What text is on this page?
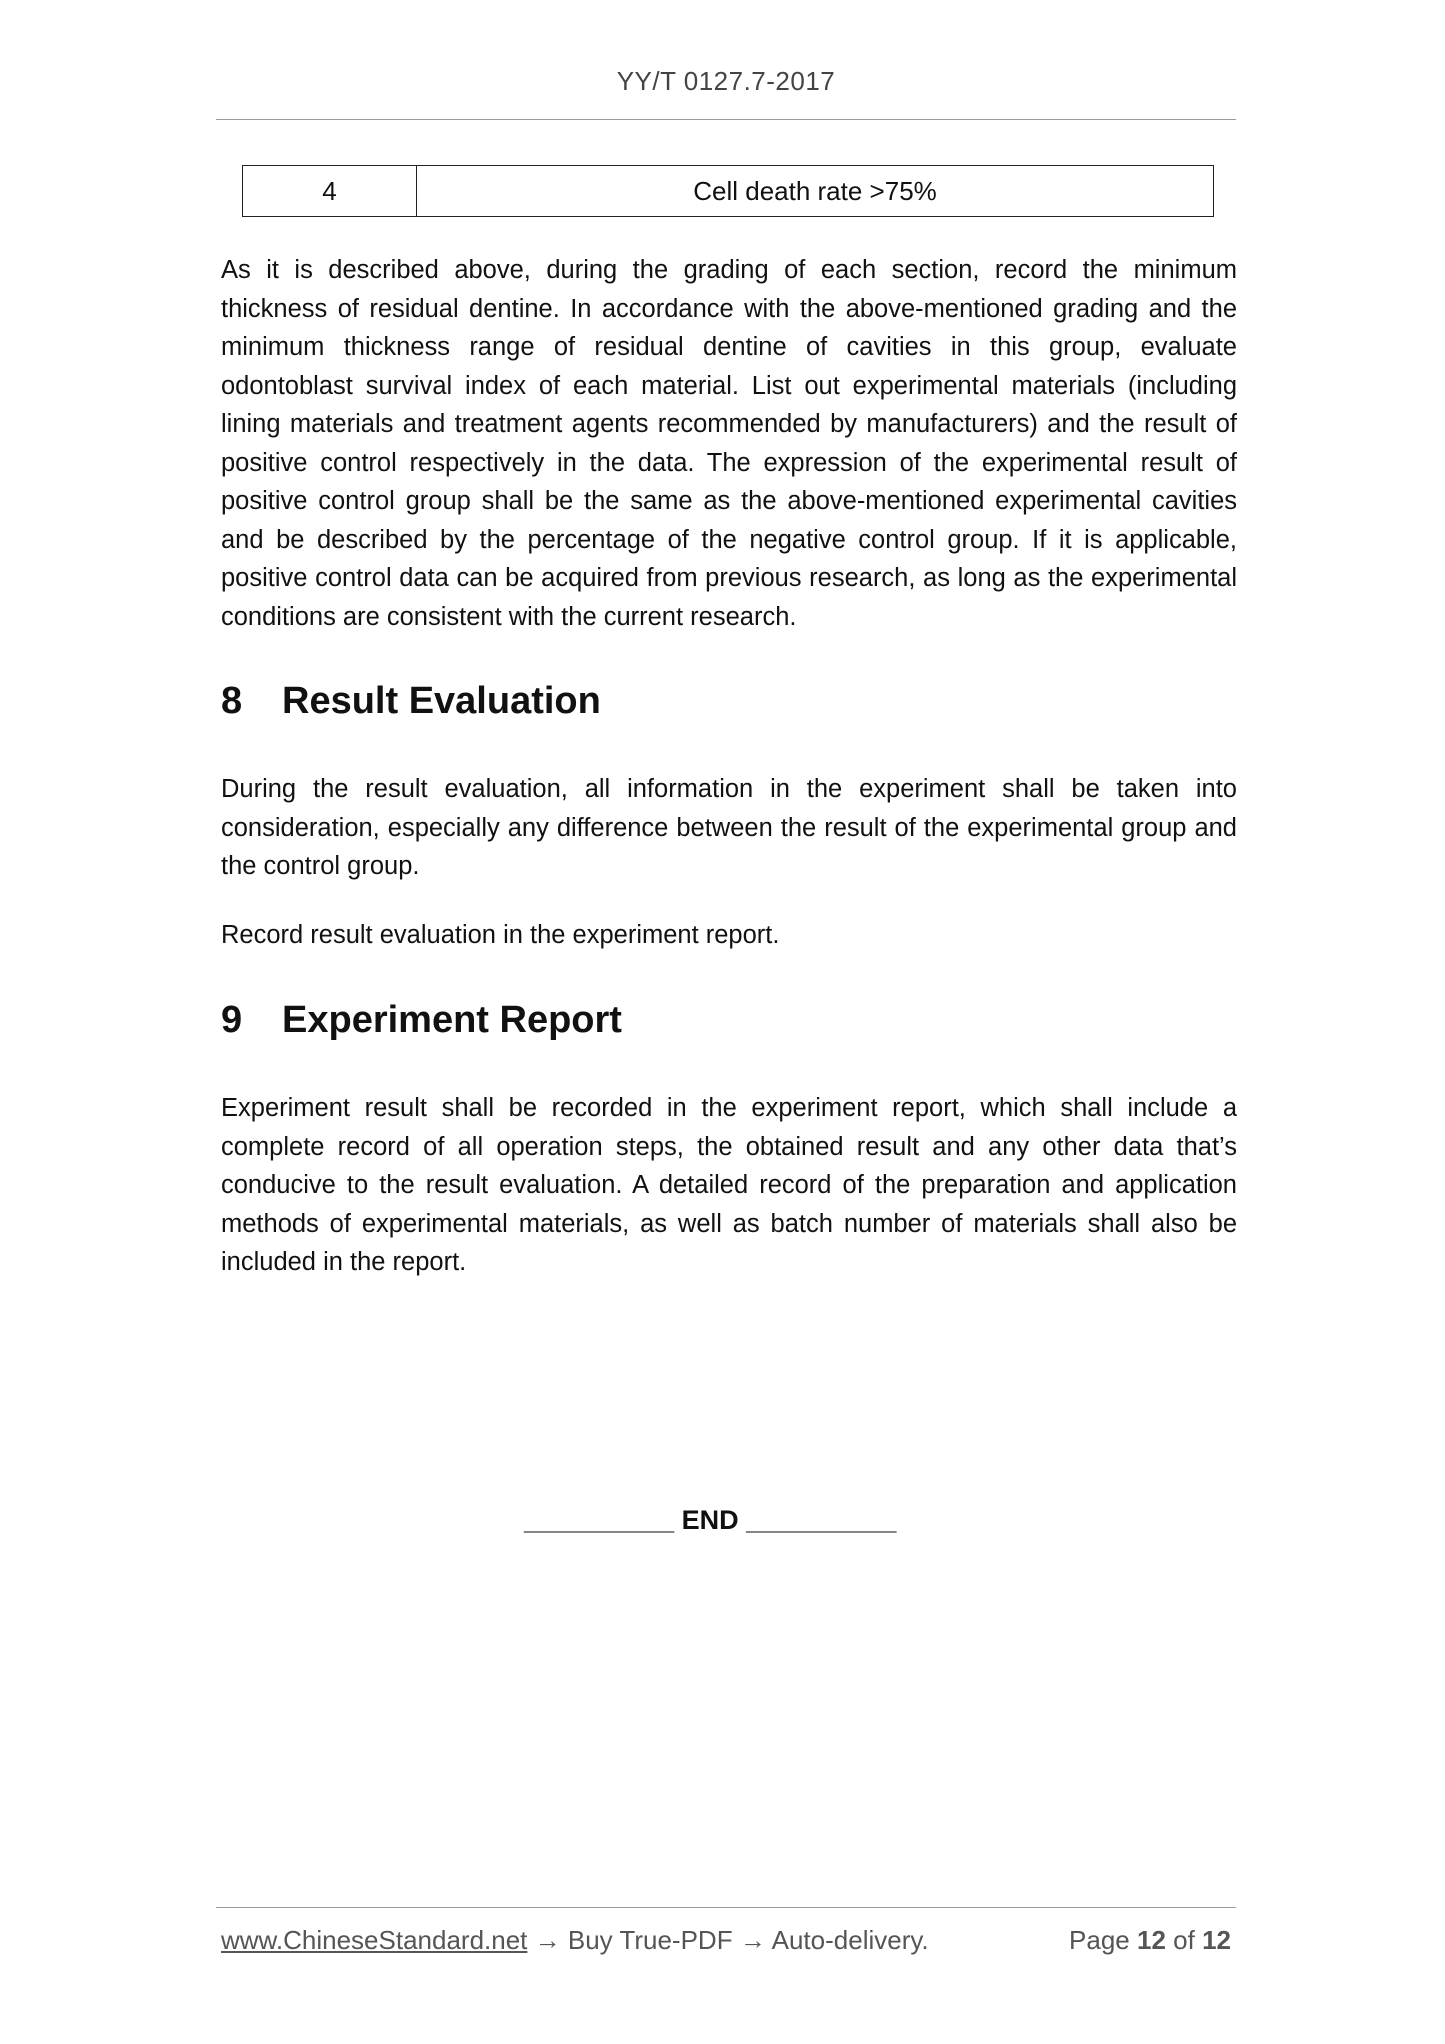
YY/T 0127.7-2017
4	Cell death rate >75%

As it is described above, during the grading of each section, record the minimum thickness of residual dentine. In accordance with the above-mentioned grading and the minimum thickness range of residual dentine of cavities in this group, evaluate odontoblast survival index of each material. List out experimental materials (including lining materials and treatment agents recommended by manufacturers) and the result of positive control respectively in the data. The expression of the experimental result of positive control group shall be the same as the above-mentioned experimental cavities and be described by the percentage of the negative control group. If it is applicable, positive control data can be acquired from previous research, as long as the experimental conditions are consistent with the current research.

8 Result Evaluation

During the result evaluation, all information in the experiment shall be taken into consideration, especially any difference between the result of the experimental group and the control group.

Record result evaluation in the experiment report.

9 Experiment Report

Experiment result shall be recorded in the experiment report, which shall include a complete record of all operation steps, the obtained result and any other data that’s conducive to the result evaluation. A detailed record of the preparation and application methods of experimental materials, as well as batch number of materials shall also be included in the report.

__________ END __________
www.ChineseStandard.net → Buy True-PDF → Auto-delivery.	Page 12 of 12
